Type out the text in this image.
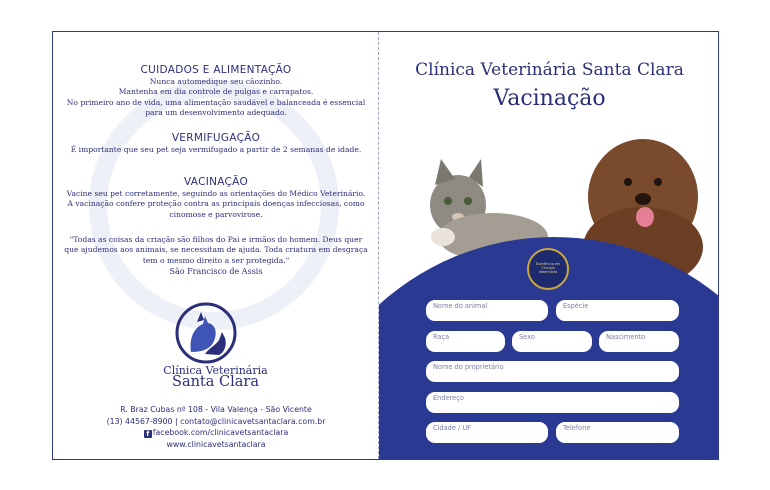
CUIDADOS E ALIMENTAÇÃO

Nunca automedique seu cãozinho.

Mantenha em dia controle de pulgas e carrapatos.

No primeiro ano de vida, uma alimentação saudável e balanceada é essencial

para um desenvolvimento adequado.

VERMIFUGAÇÃO

É importante que seu pet seja vermifugado a partir de 2 semanas de idade.

VACINAÇÃO

Vacine seu pet corretamente, seguindo as orientações do Médico Veterinário.

A vacinação confere proteção contra as principais doenças infecciosas, como

cinomose e parvovirose.

"Todas as coisas da criação são filhos do Pai e irmãos do homem. Deus quer
que ajudemos aos animais, se necessitam de ajuda. Toda criatura em desgraça
tem o mesmo direito a ser protegida."
São Francisco de Assis
Clínica Veterinária
Santa Clara
R. Braz Cubas nº 108 - Vila Valença - São Vicente
(13) 44567-8900 | contato@clinicavetsantaclara.com.br
f facebook.com/clinicavetsantaclara
www.clinicavetsantaclara
Clínica Veterinária Santa Clara
Vacinação
Excelência em Cirurgia Veterinária
Nome do animal	Espécie
Raça	Sexo	Nascimento
Nome do proprietário
Endereço
Cidade / UF	Telefone
